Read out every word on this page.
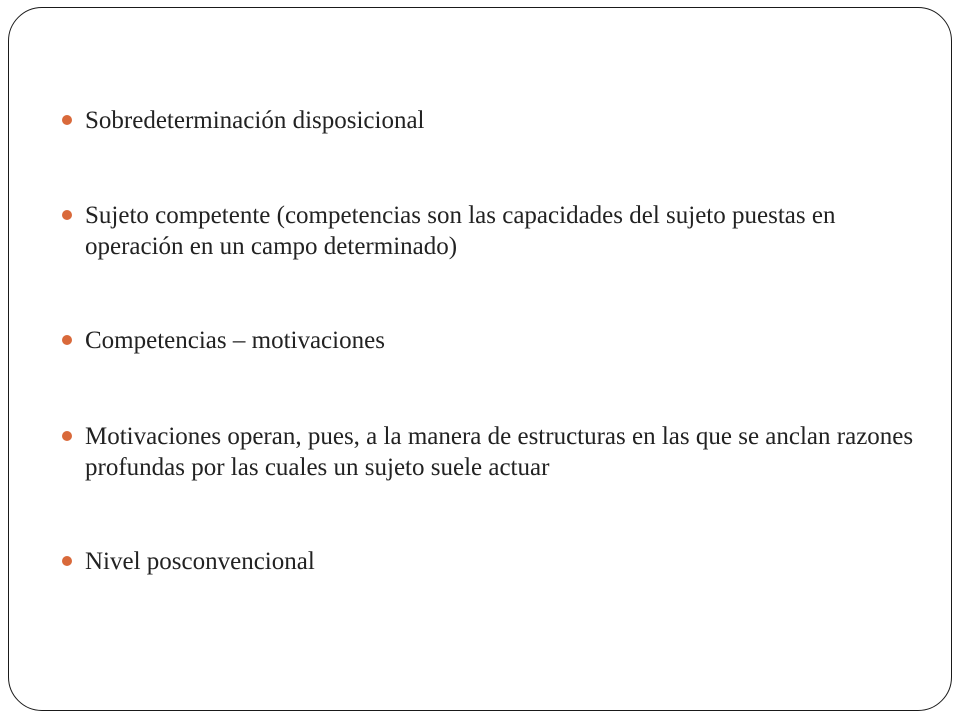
Sobredeterminación disposicional
Sujeto competente (competencias son las capacidades del sujeto puestas en operación en un campo determinado)
Competencias – motivaciones
Motivaciones operan, pues, a la manera de estructuras en las que se anclan razones profundas por las cuales un sujeto suele actuar
Nivel posconvencional
